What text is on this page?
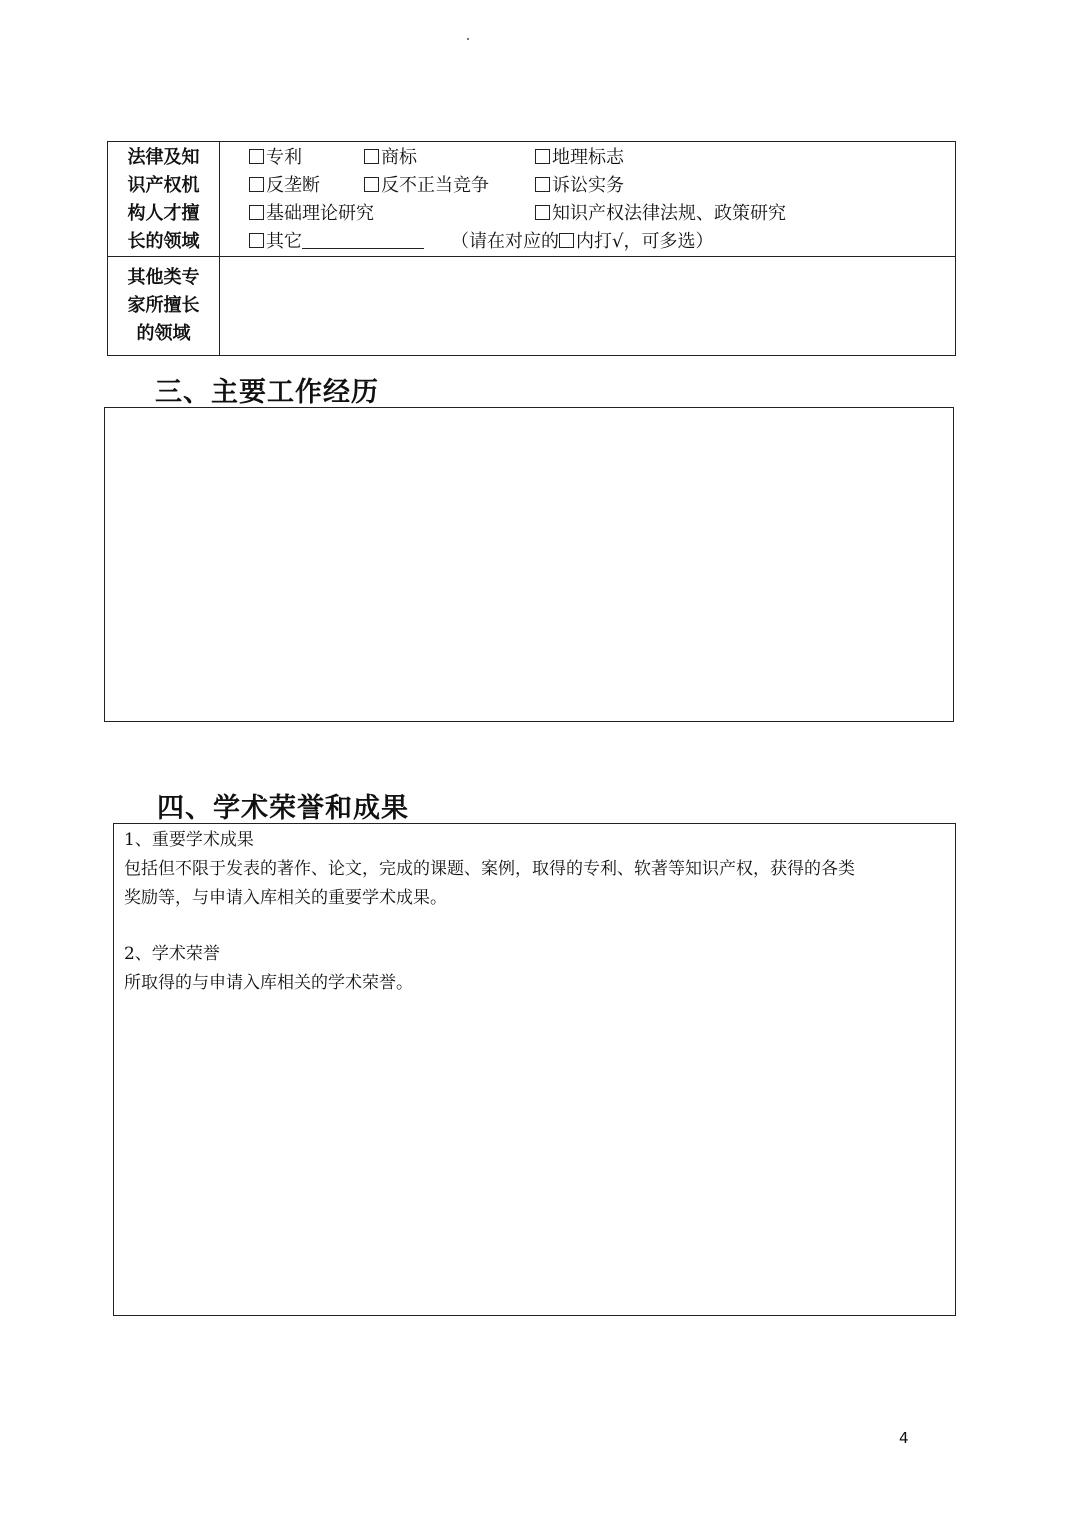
法律及知
识产权机
构人才擅
长的领域
专利	商标	地理标志
反垄断	反不正当竞争	诉讼实务
基础理论研究	知识产权法律法规、政策研究
其它	（请在对应的 内打√，可多选）
其他类专
家所擅长
的领域
三、主要工作经历
四、学术荣誉和成果
1、重要学术成果
包括但不限于发表的著作、论文，完成的课题、案例，取得的专利、软著等知识产权，获得的各类
奖励等，与申请入库相关的重要学术成果。
2、学术荣誉
所取得的与申请入库相关的学术荣誉。
4
